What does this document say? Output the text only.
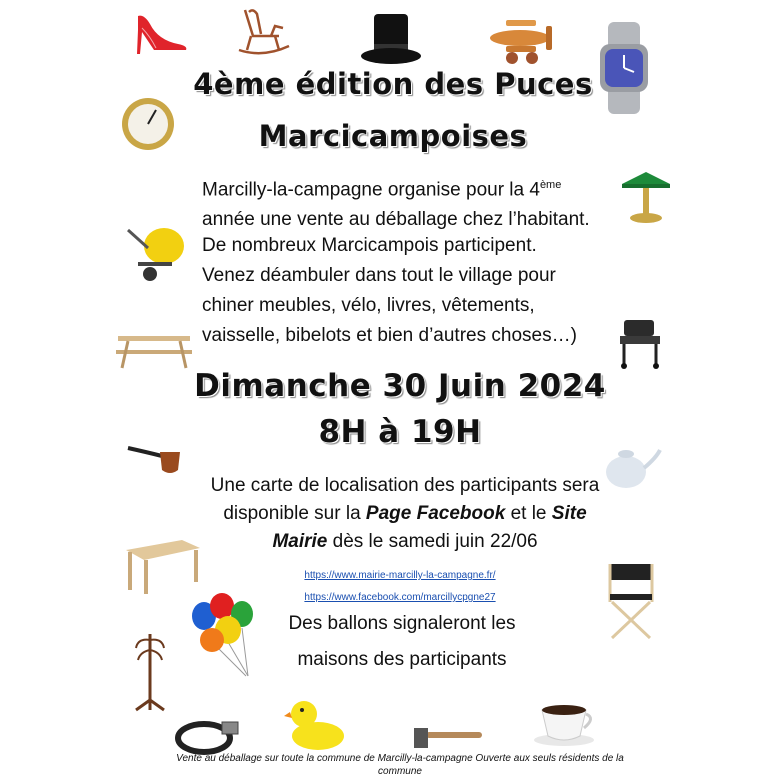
4ème édition des Puces
Marcicampoises
Marcilly-la-campagne organise pour la 4ème
année une vente au déballage chez l’habitant.
De nombreux Marcicampois participent.
Venez déambuler dans tout le village pour
chiner meubles, vélo, livres, vêtements,
vaisselle, bibelots et bien d’autres choses…)
Dimanche 30 Juin 2024
8H à 19H
Une carte de localisation des participants sera
disponible sur la Page Facebook et le Site
Mairie dès le samedi juin 22/06
https://www.mairie-marcilly-la-campagne.fr/
https://www.facebook.com/marcillycpgne27
Des ballons signaleront les
maisons des participants
Vente au déballage sur toute la commune de Marcilly-la-campagne Ouverte aux seuls résidents de la
commune
